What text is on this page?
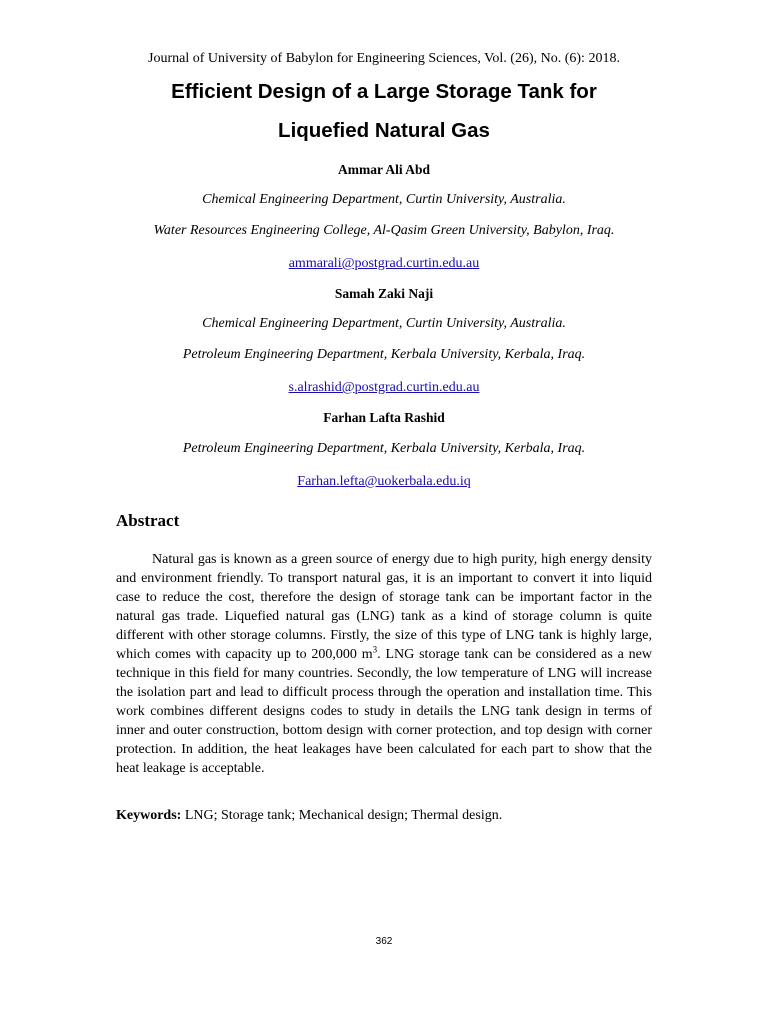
Journal of University of Babylon for Engineering Sciences, Vol. (26), No. (6): 2018.
Efficient Design of a Large Storage Tank for
Liquefied Natural Gas
Ammar Ali Abd
Chemical Engineering Department, Curtin University, Australia.
Water Resources Engineering College, Al-Qasim Green University, Babylon, Iraq.
ammarali@postgrad.curtin.edu.au
Samah Zaki Naji
Chemical Engineering Department, Curtin University, Australia.
Petroleum Engineering Department, Kerbala University, Kerbala, Iraq.
s.alrashid@postgrad.curtin.edu.au
Farhan Lafta Rashid
Petroleum Engineering Department, Kerbala University, Kerbala, Iraq.
Farhan.lefta@uokerbala.edu.iq
Abstract

Natural gas is known as a green source of energy due to high purity, high energy density and environment friendly. To transport natural gas, it is an important to convert it into liquid case to reduce the cost, therefore the design of storage tank can be important factor in the natural gas trade. Liquefied natural gas (LNG) tank as a kind of storage column is quite different with other storage columns. Firstly, the size of this type of LNG tank is highly large, which comes with capacity up to 200,000 $m^3$. LNG storage tank can be considered as a new technique in this field for many countries. Secondly, the low temperature of LNG will increase the isolation part and lead to difficult process through the operation and installation time. This work combines different designs codes to study in details the LNG tank design in terms of inner and outer construction, bottom design with corner protection, and top design with corner protection. In addition, the heat leakages have been calculated for each part to show that the heat leakage is acceptable.

Keywords: LNG; Storage tank; Mechanical design; Thermal design.
362
